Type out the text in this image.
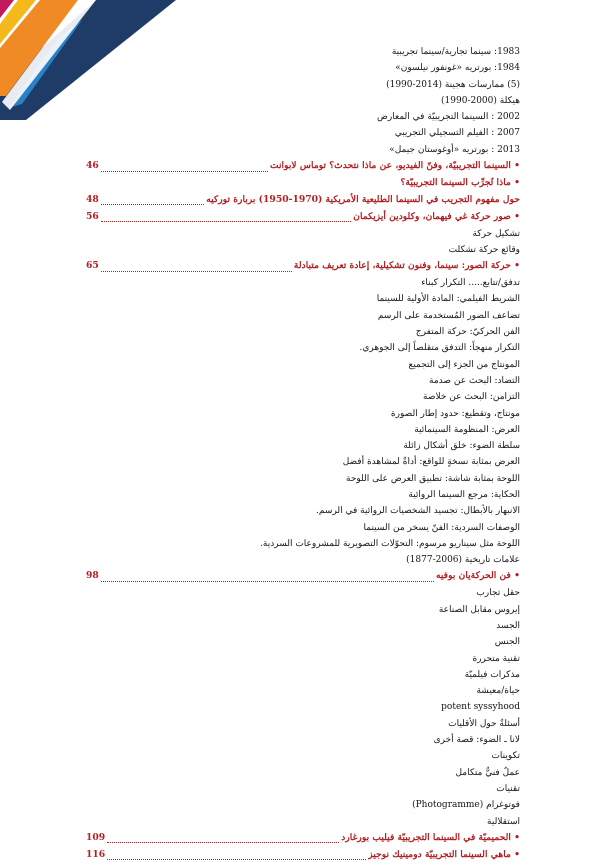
1983: سينما تجارية/سينما تجريبية
1984: بورتريه «غونفور نيلسون»
(5) ممارسات هجينة (2014-1990)
هيكلة (2000-1990)
2002 : السينما التجريبيّة في المعارض
2007 : الفيلم التسجيلي التجريبي
2013 : بورتريه «أوغوستان جيمل»
• السينما التجريبيّة، وفنّ الفيديو، عن ماذا نتحدث؟ توماس لابوانت
46
• ماذا تُجرِّب السينما التجريبيّة؟
حول مفهوم التجريب في السينما الطليعية الأمريكية (1970-1950) بربارة توركيه
48
• صور حركة غي فيهمان، وكلودين أيزيكمان
56
تشكيل حركة
وقائع حركة تشكلت
• حركة الصور: سينما، وفنون تشكيلية، إعادة تعريف متبادلة
65
تدفق/تتابع..... التكرار كبناء
الشريط الفيلمي: المادة الأولية للسينما
تضاعف الصور المُستخدمة على الرسم
الفن الحركيّ: حركة المتفرج
التكرار منهجاً: التدفق متقلصاً إلى الجوهري.
المونتاج من الجزء إلى التجميع
التضاد: البحث عن صدمة
التزامن: البحث عن خلاصة
مونتاج، وتقطيع: حدود إطار الصورة
العرض: المنظومة السينمائية
سلطة الضوء: خلق أشكال زائلة
العرض بمثابة نسخةٍ للواقع: أداةٌ لمشاهدة أفضل
اللوحة بمثابة شاشة: تطبيق العرض على اللوحة
الحكاية: مرجع السينما الروائية
الانبهار بالأبطال: تجسيد الشخصيات الروائية في الرسم.
الوصفات السردية: الفنّ يسخر من السينما
اللوحة مثل سيناريو مرسوم: التحوّلات التصويرية للمشروعات السردية.
علامات تاريخية (2006-1877)
• فن الحركةيان بوفيه
98
حقل تجارب
إيروس مقابل الصناعة
الجسد
الجنس
تقنية متحررة
مذكرات فيلميّة
حياة/معيشة
potent syssyhood
أسئلةٌ حول الأقليات
لانا ـ الضوء: قصة أخرى
تكوينات
عملٌ فنيٌّ متكامل
تقنيات
فوتوغرام (Photogramme)
استقلالية
• الحميميّة في السينما التجريبيّة فيليب بورغارد
109
• ماهي السينما التجريبيّة دومينيك نوجيز
116
